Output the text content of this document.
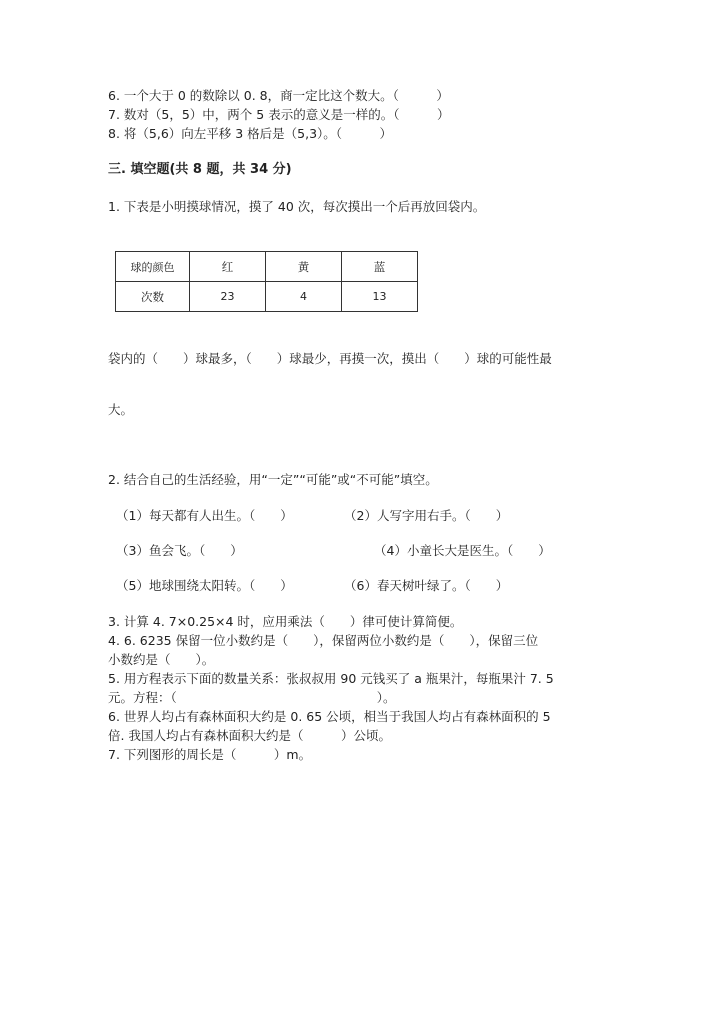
6. 一个大于 0 的数除以 0. 8，商一定比这个数大。（　　　）
7. 数对（5，5）中，两个 5 表示的意义是一样的。（　　　）
8. 将（5,6）向左平移 3 格后是（5,3）。（　　　）
三. 填空题(共 8 题，共 34 分)
1. 下表是小明摸球情况，摸了 40 次，每次摸出一个后再放回袋内。
球的颜色	红	黄	蓝
次数	23	4	13
袋内的（　　）球最多，（　　）球最少，再摸一次，摸出（　　）球的可能性最
大。
2. 结合自己的生活经验，用“一定”“可能”或“不可能”填空。
（1）每天都有人出生。（　　）	（2）人写字用右手。（　　）
（3）鱼会飞。（　　）	（4）小童长大是医生。（　　）
（5）地球围绕太阳转。（　　）	（6）春天树叶绿了。（　　）
3. 计算 4. 7×0.25×4 时，应用乘法（　　）律可使计算简便。
4. 6. 6235 保留一位小数约是（　　），保留两位小数约是（　　），保留三位
小数约是（　　）。
5. 用方程表示下面的数量关系：张叔叔用 90 元钱买了 a 瓶果汁，每瓶果汁 7. 5
元。方程：（　　　　　　　　　　　　　　　　）。
6. 世界人均占有森林面积大约是 0. 65 公顷，相当于我国人均占有森林面积的 5
倍. 我国人均占有森林面积大约是（　　　）公顷。
7. 下列图形的周长是（　　　）m。
